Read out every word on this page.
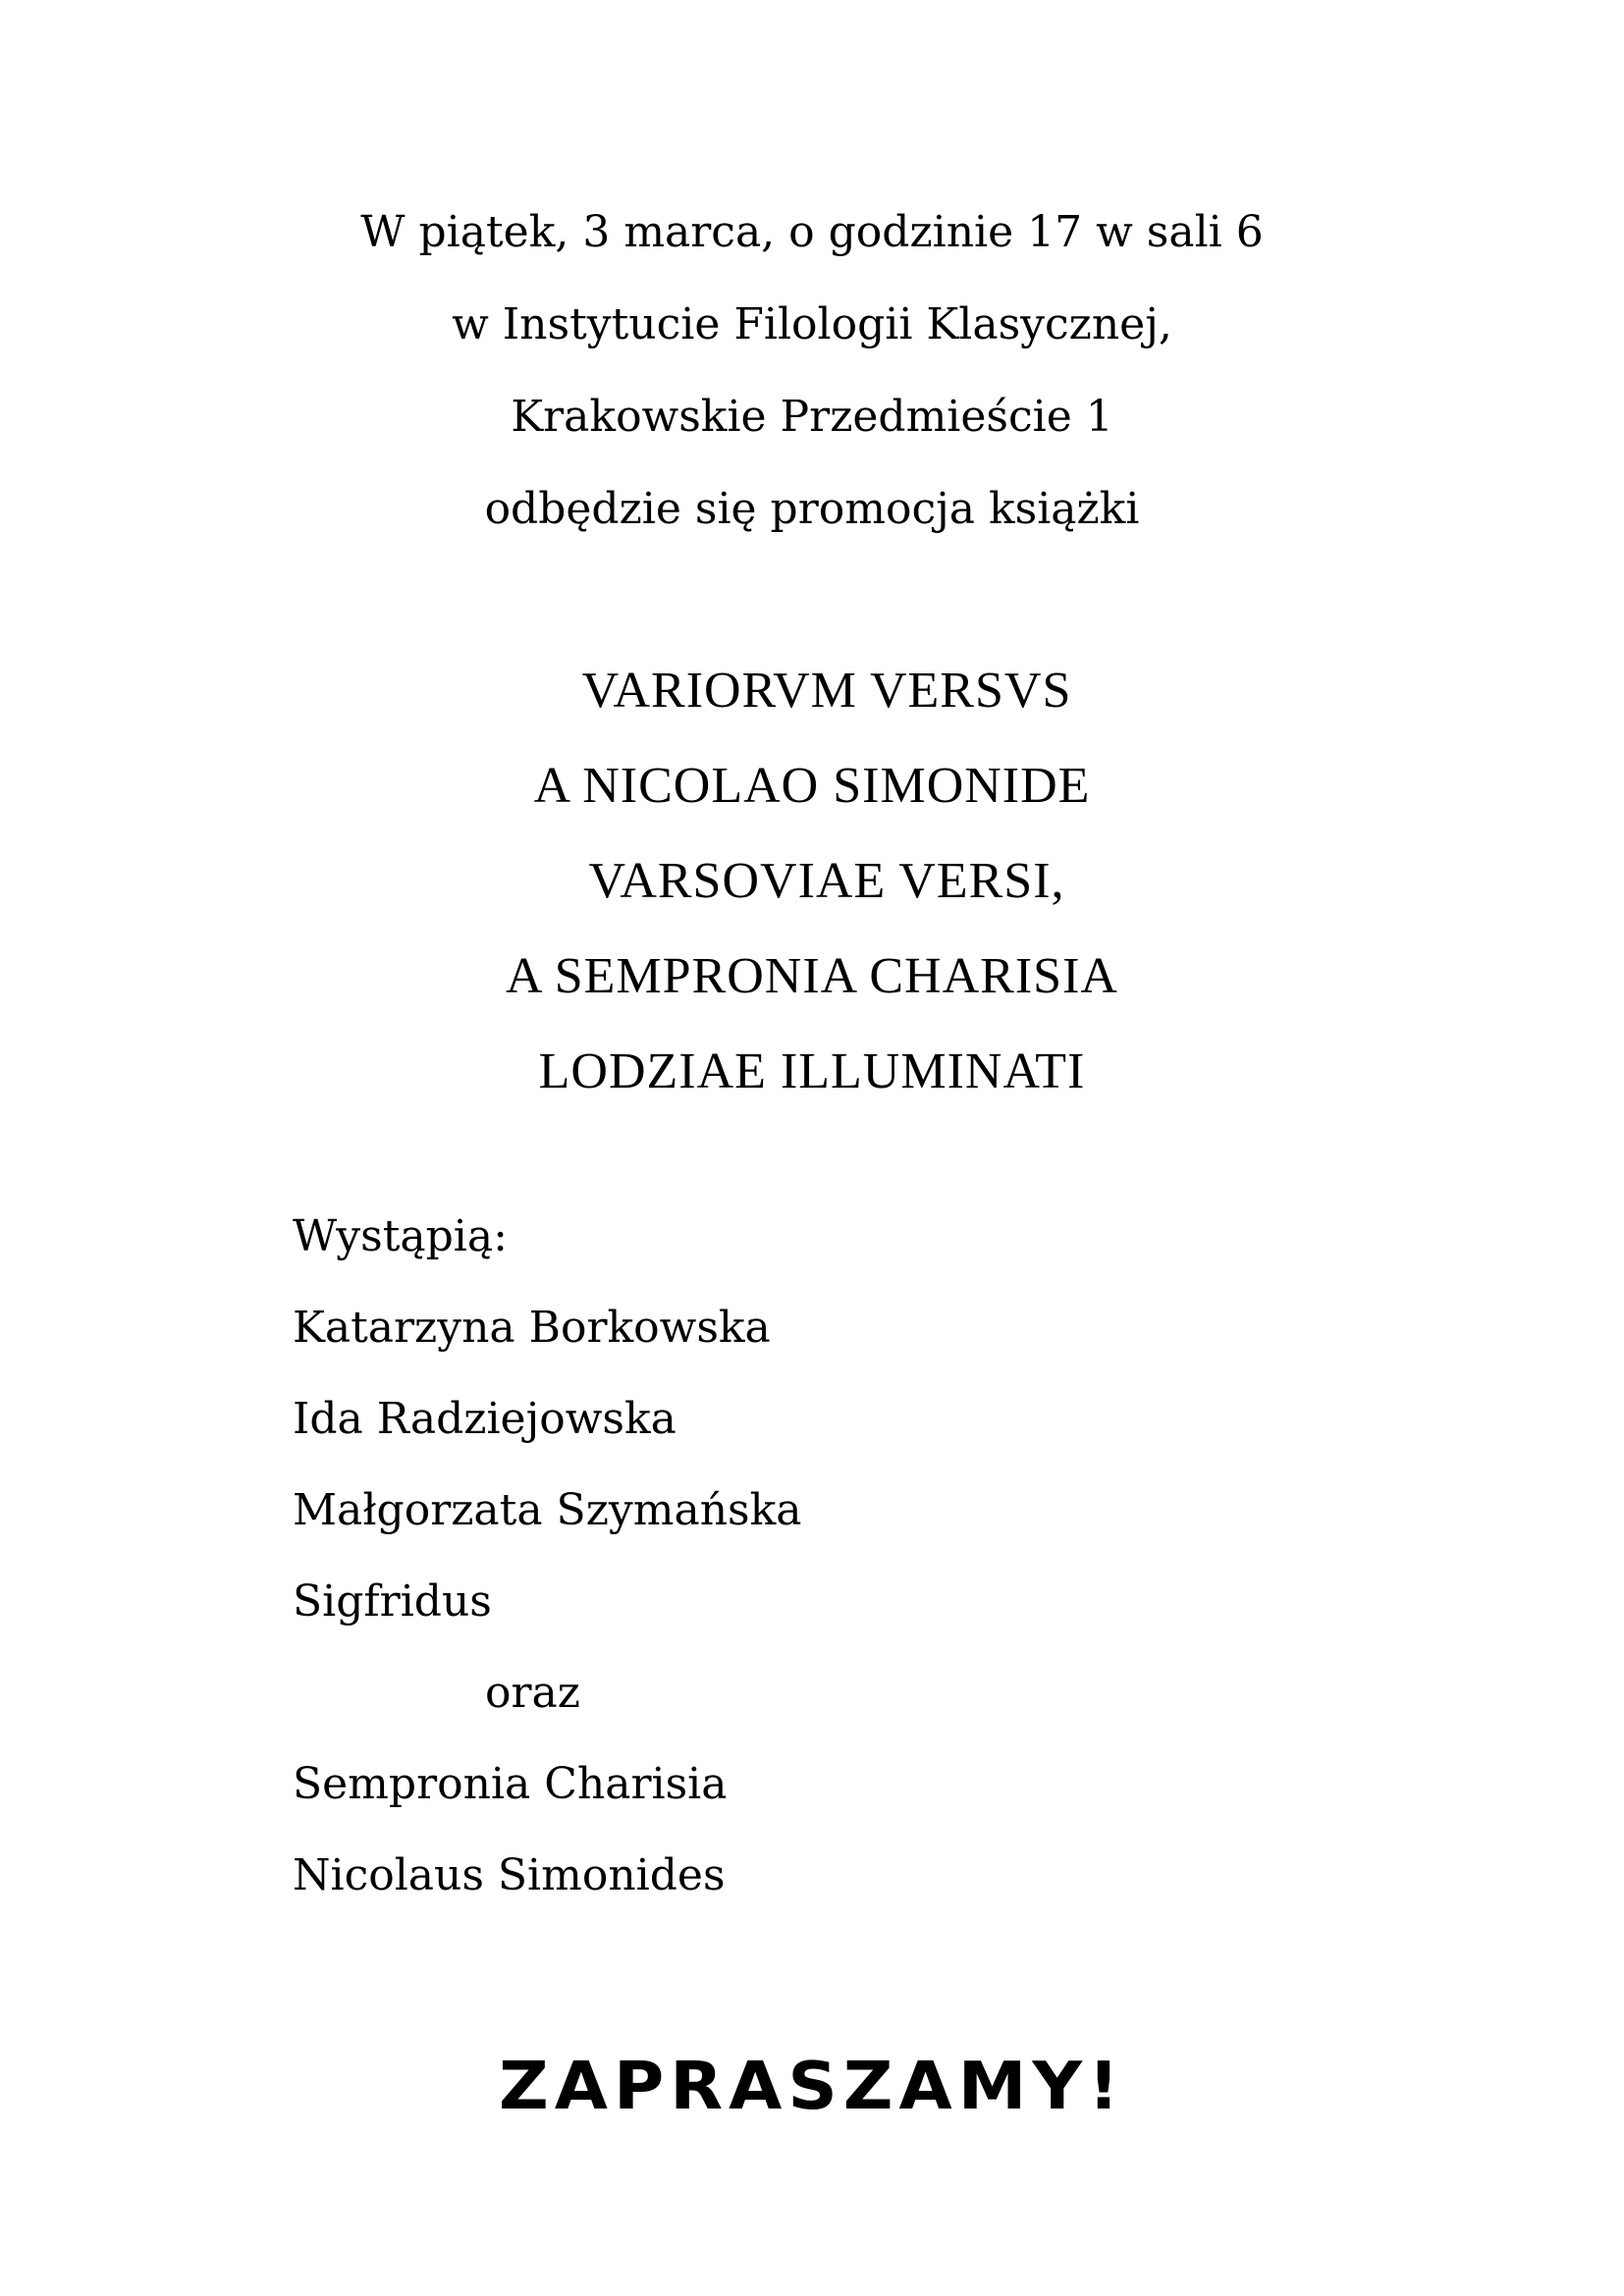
W piątek, 3 marca, o godzinie 17 w sali 6
w Instytucie Filologii Klasycznej,
Krakowskie Przedmieście 1
odbędzie się promocja książki
VARIORVM VERSVS
A NICOLAO SIMONIDE
VARSOVIAE VERSI,
A SEMPRONIA CHARISIA
LODZIAE ILLUMINATI
Wystąpią:
Katarzyna Borkowska
Ida Radziejowska
Małgorzata Szymańska
Sigfridus
oraz
Sempronia Charisia
Nicolaus Simonides
ZAPRASZAMY!
